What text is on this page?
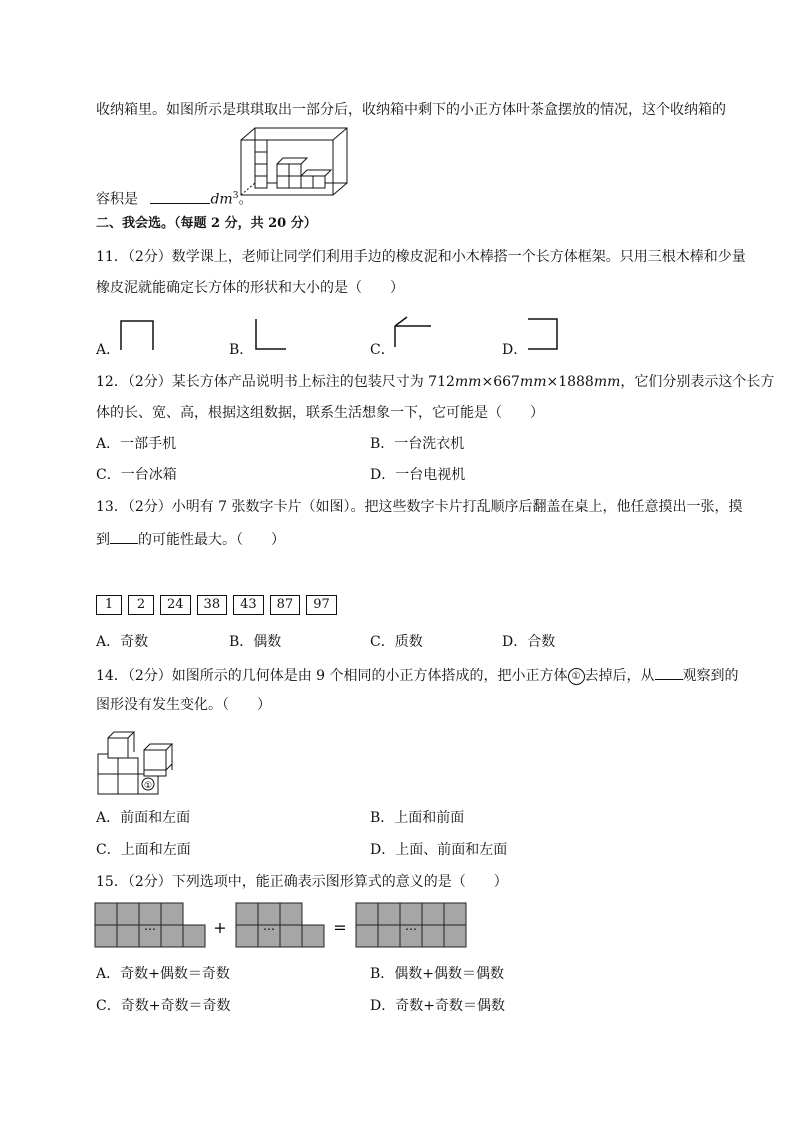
收纳箱里。如图所示是琪琪取出一部分后，收纳箱中剩下的小正方体叶茶盒摆放的情况，这个收纳箱的
容积是	$dm^3$。
二、我会选。（每题 2 分，共 20 分）
11．（2分）数学课上，老师让同学们利用手边的橡皮泥和小木棒搭一个长方体框架。只用三根木棒和少量
橡皮泥就能确定长方体的形状和大小的是（　　）
A．	B．	C．	D．
12．（2分）某长方体产品说明书上标注的包装尺寸为 712mm×667mm×1888mm，它们分别表示这个长方
体的长、宽、高，根据这组数据，联系生活想象一下，它可能是（　　）
A．一部手机	B．一台洗衣机
C．一台冰箱	D．一台电视机
13．（2分）小明有 7 张数字卡片（如图）。把这些数字卡片打乱顺序后翻盖在桌上，他任意摸出一张，摸
到 的可能性最大。（　　）
1	2	24	38	43	87	97
A．奇数	B．偶数	C．质数	D．合数
14．（2分）如图所示的几何体是由 9 个相同的小正方体搭成的，把小正方体 ① 去掉后，从 观察到的
图形没有发生变化。（　　）
①
A．前面和左面	B．上面和前面
C．上面和左面	D．上面、前面和左面
15．（2分）下列选项中，能正确表示图形算式的意义的是（　　）
…	+	…	=	…
A．奇数+偶数＝奇数	B．偶数+偶数＝偶数
C．奇数+奇数＝奇数	D．奇数+奇数＝偶数
